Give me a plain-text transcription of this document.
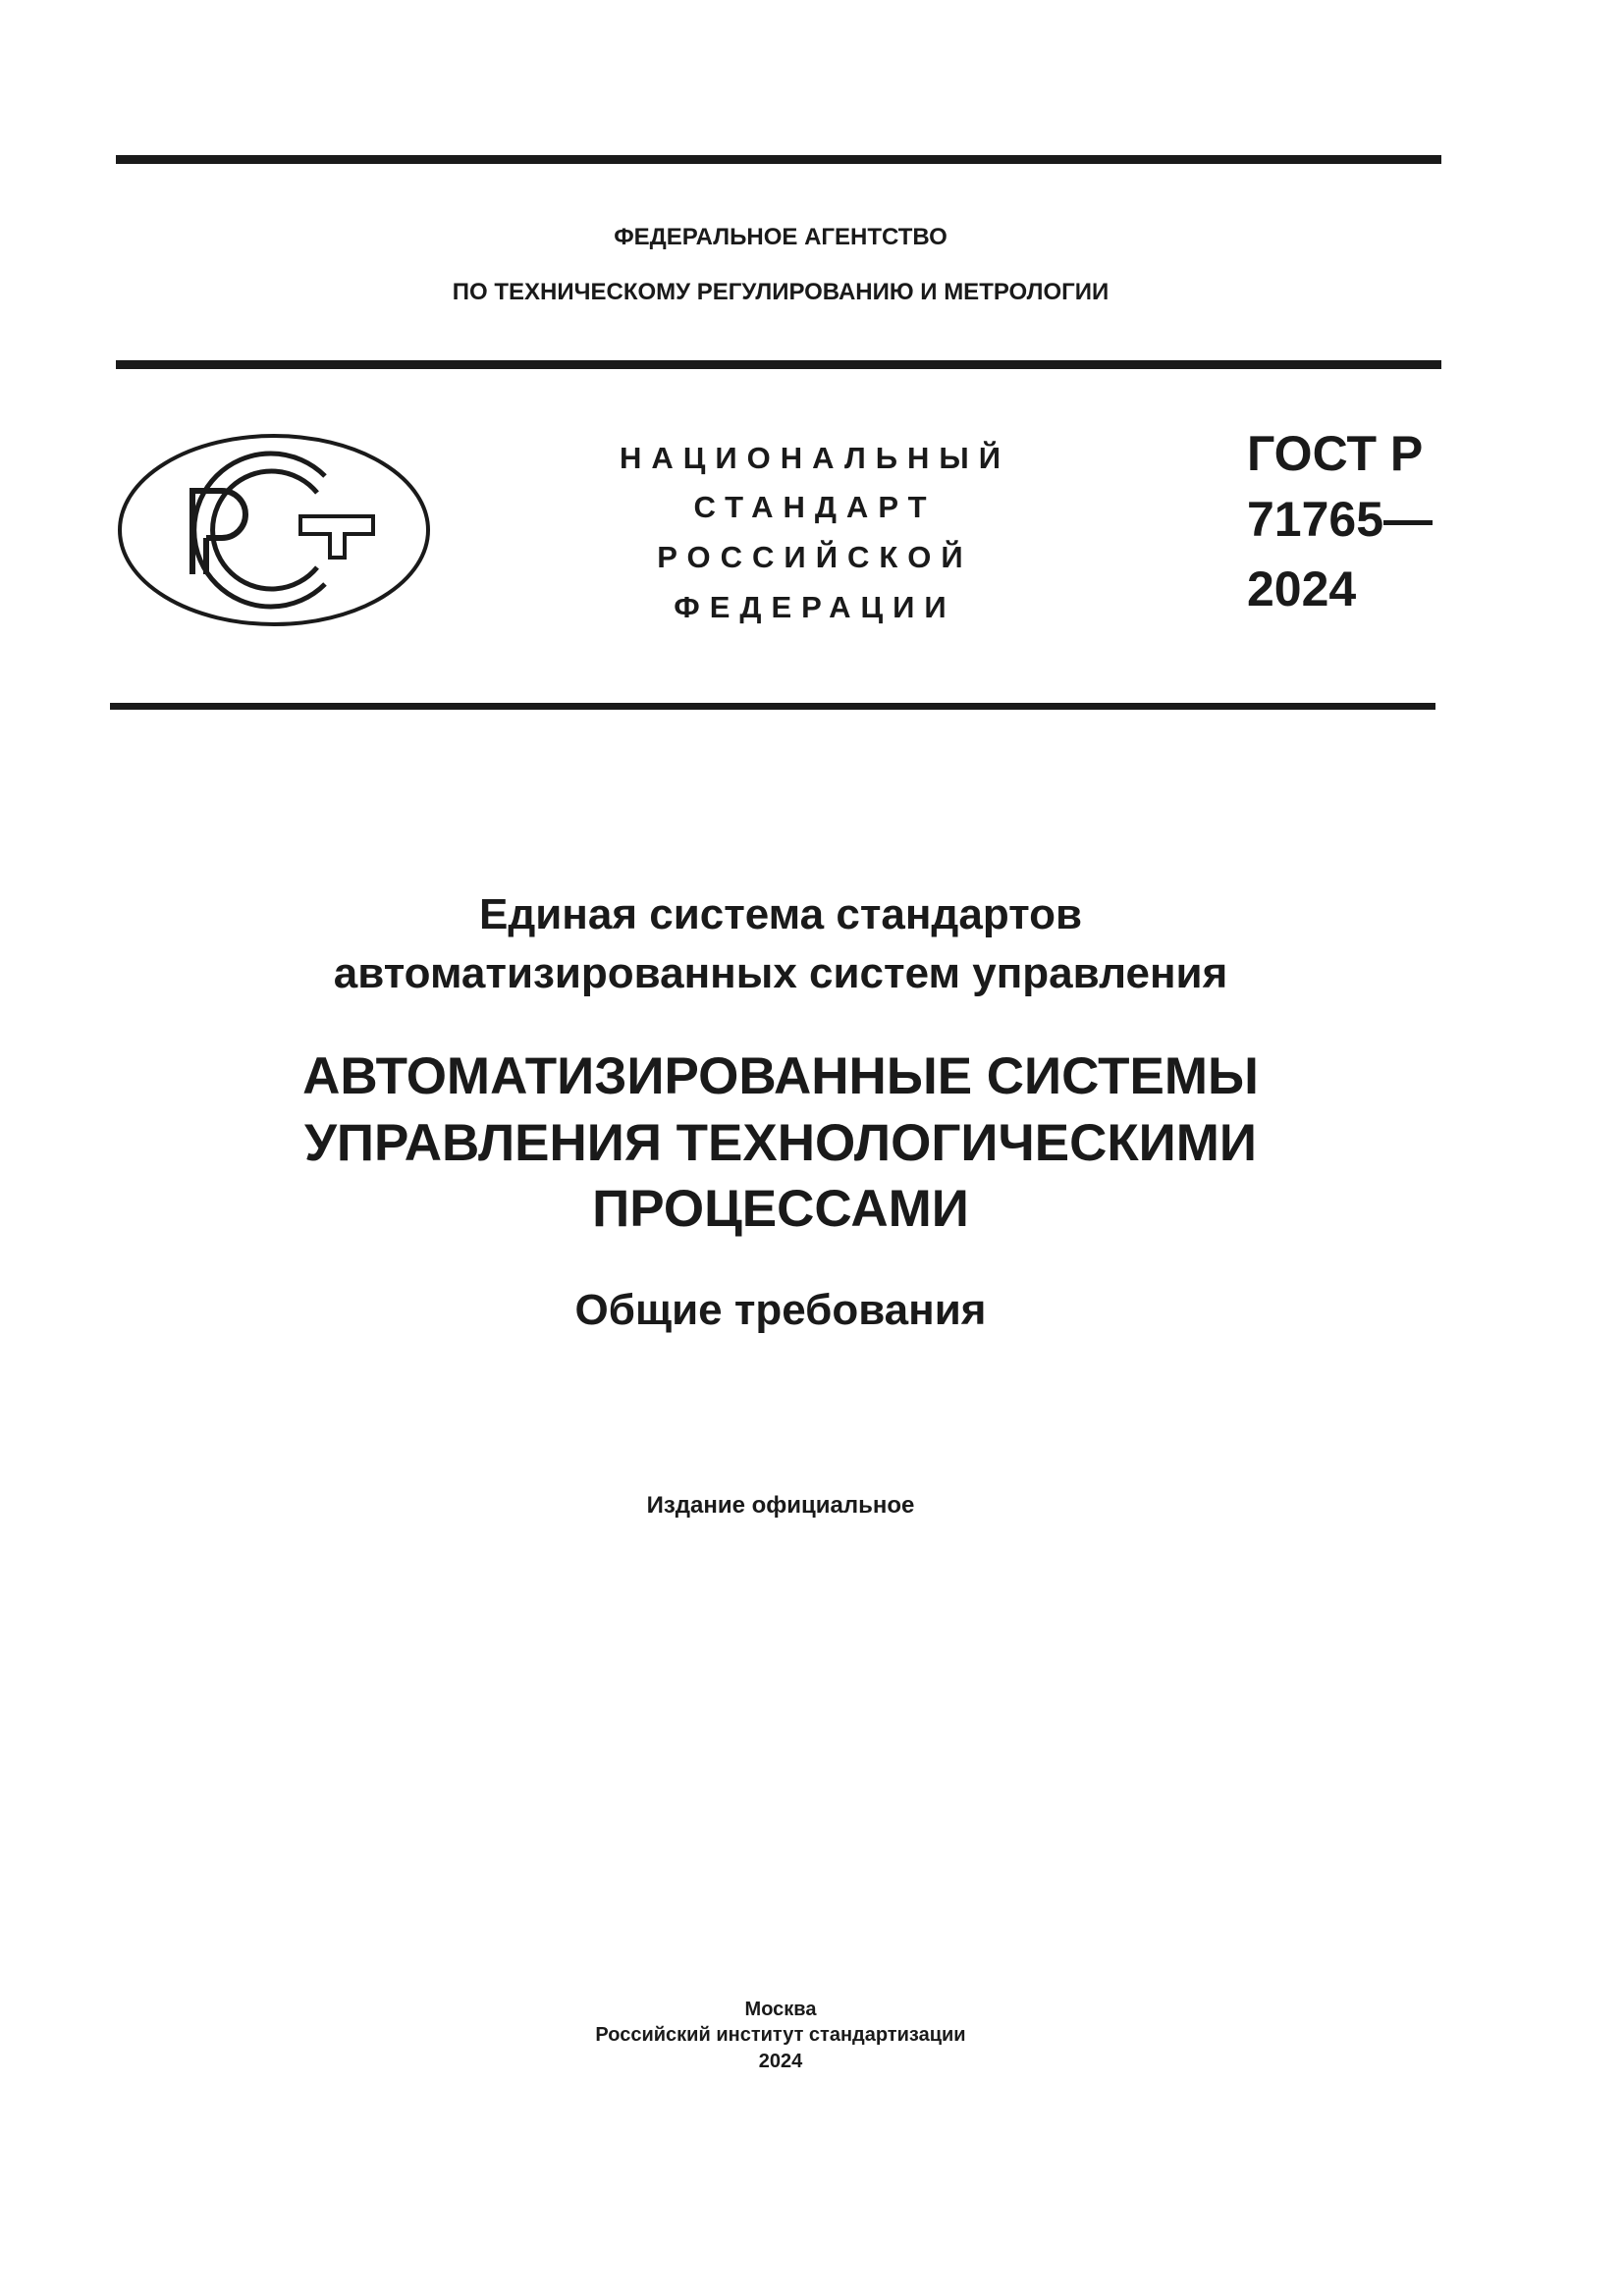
ФЕДЕРАЛЬНОЕ АГЕНТСТВО
ПО ТЕХНИЧЕСКОМУ РЕГУЛИРОВАНИЮ И МЕТРОЛОГИИ
НАЦИОНАЛЬНЫЙ
СТАНДАРТ
РОССИЙСКОЙ
ФЕДЕРАЦИИ
ГОСТ Р
71765—
2024
Единая система стандартов
автоматизированных систем управления
АВТОМАТИЗИРОВАННЫЕ СИСТЕМЫ
УПРАВЛЕНИЯ ТЕХНОЛОГИЧЕСКИМИ
ПРОЦЕССАМИ
Общие требования
Издание официальное
Москва
Российский институт стандартизации
2024
